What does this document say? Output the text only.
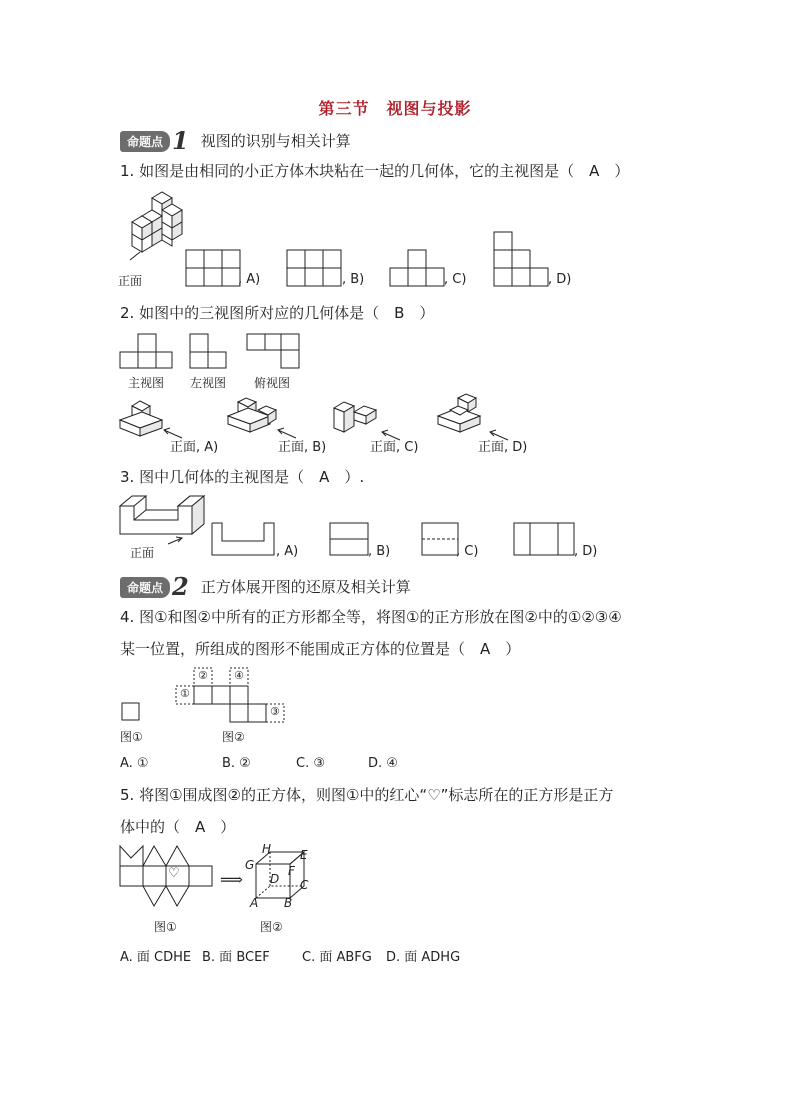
第三节　视图与投影
命题点 1 视图的识别与相关计算
1. 如图是由相同的小正方体木块粘在一起的几何体，它的主视图是（　A　）
正面	, A)	, B)	, C)	, D)
2. 如图中的三视图所对应的几何体是（　B　）
主视图 左视图 俯视图
正面, A)	正面, B)	正面, C)	正面, D)
3. 图中几何体的主视图是（　A　）.
正面	, A)	, B)	, C)	, D)
命题点 2 正方体展开图的还原及相关计算
4. 图①和图②中所有的正方形都全等，将图①的正方形放在图②中的①②③④
某一位置，所组成的图形不能围成正方体的位置是（　A　）
图①
①
②
③
④
图②
A. ①	B. ②	C. ③	D. ④
5. 将图①围成图②的正方体，则图①中的红心“♡”标志所在的正方形是正方
体中的（　A　）
♡
图①
⟹
H E
G	F
D C
A B
图②
A. 面 CDHE B. 面 BCEF C. 面 ABFG D. 面 ADHG
